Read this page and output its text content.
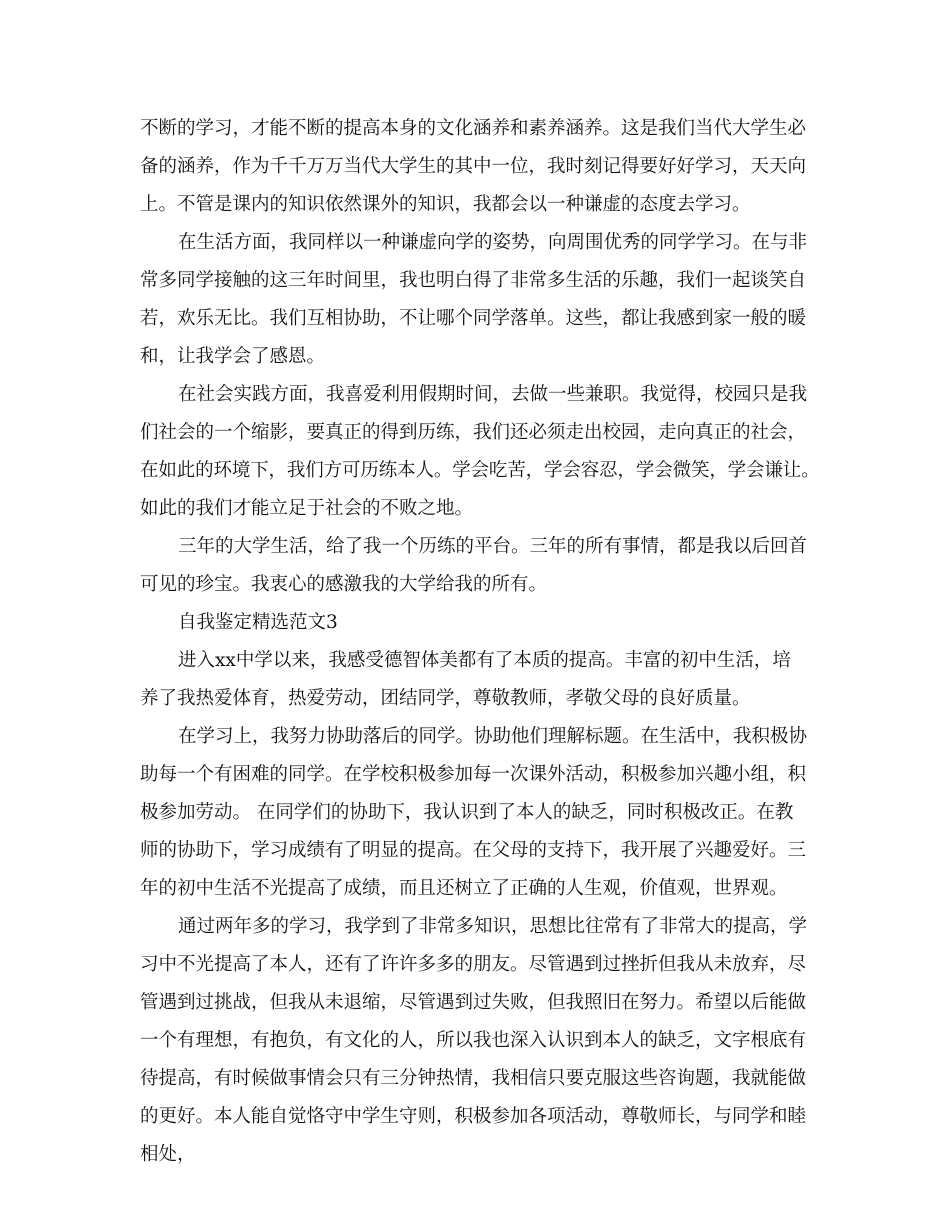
不断的学习，才能不断的提高本身的文化涵养和素养涵养。这是我们当代大学生必
备的涵养，作为千千万万当代大学生的其中一位，我时刻记得要好好学习，天天向
上。不管是课内的知识依然课外的知识，我都会以一种谦虚的态度去学习。
在生活方面，我同样以一种谦虚向学的姿势，向周围优秀的同学学习。在与非
常多同学接触的这三年时间里，我也明白得了非常多生活的乐趣，我们一起谈笑自
若，欢乐无比。我们互相协助，不让哪个同学落单。这些，都让我感到家一般的暖
和，让我学会了感恩。
在社会实践方面，我喜爱利用假期时间，去做一些兼职。我觉得，校园只是我
们社会的一个缩影，要真正的得到历练，我们还必须走出校园，走向真正的社会，
在如此的环境下，我们方可历练本人。学会吃苦，学会容忍，学会微笑，学会谦让。
如此的我们才能立足于社会的不败之地。
三年的大学生活，给了我一个历练的平台。三年的所有事情，都是我以后回首
可见的珍宝。我衷心的感激我的大学给我的所有。
自我鉴定精选范文3
进入xx中学以来，我感受德智体美都有了本质的提高。丰富的初中生活，培
养了我热爱体育，热爱劳动，团结同学，尊敬教师，孝敬父母的良好质量。
在学习上，我努力协助落后的同学。协助他们理解标题。在生活中，我积极协
助每一个有困难的同学。在学校积极参加每一次课外活动，积极参加兴趣小组，积
极参加劳动。 在同学们的协助下，我认识到了本人的缺乏，同时积极改正。在教
师的协助下，学习成绩有了明显的提高。在父母的支持下，我开展了兴趣爱好。三
年的初中生活不光提高了成绩，而且还树立了正确的人生观，价值观，世界观。
通过两年多的学习，我学到了非常多知识，思想比往常有了非常大的提高，学
习中不光提高了本人，还有了许许多多的朋友。尽管遇到过挫折但我从未放弃，尽
管遇到过挑战，但我从未退缩，尽管遇到过失败，但我照旧在努力。希望以后能做
一个有理想，有抱负，有文化的人，所以我也深入认识到本人的缺乏，文字根底有
待提高，有时候做事情会只有三分钟热情，我相信只要克服这些咨询题，我就能做
的更好。本人能自觉恪守中学生守则，积极参加各项活动，尊敬师长，与同学和睦
相处，
